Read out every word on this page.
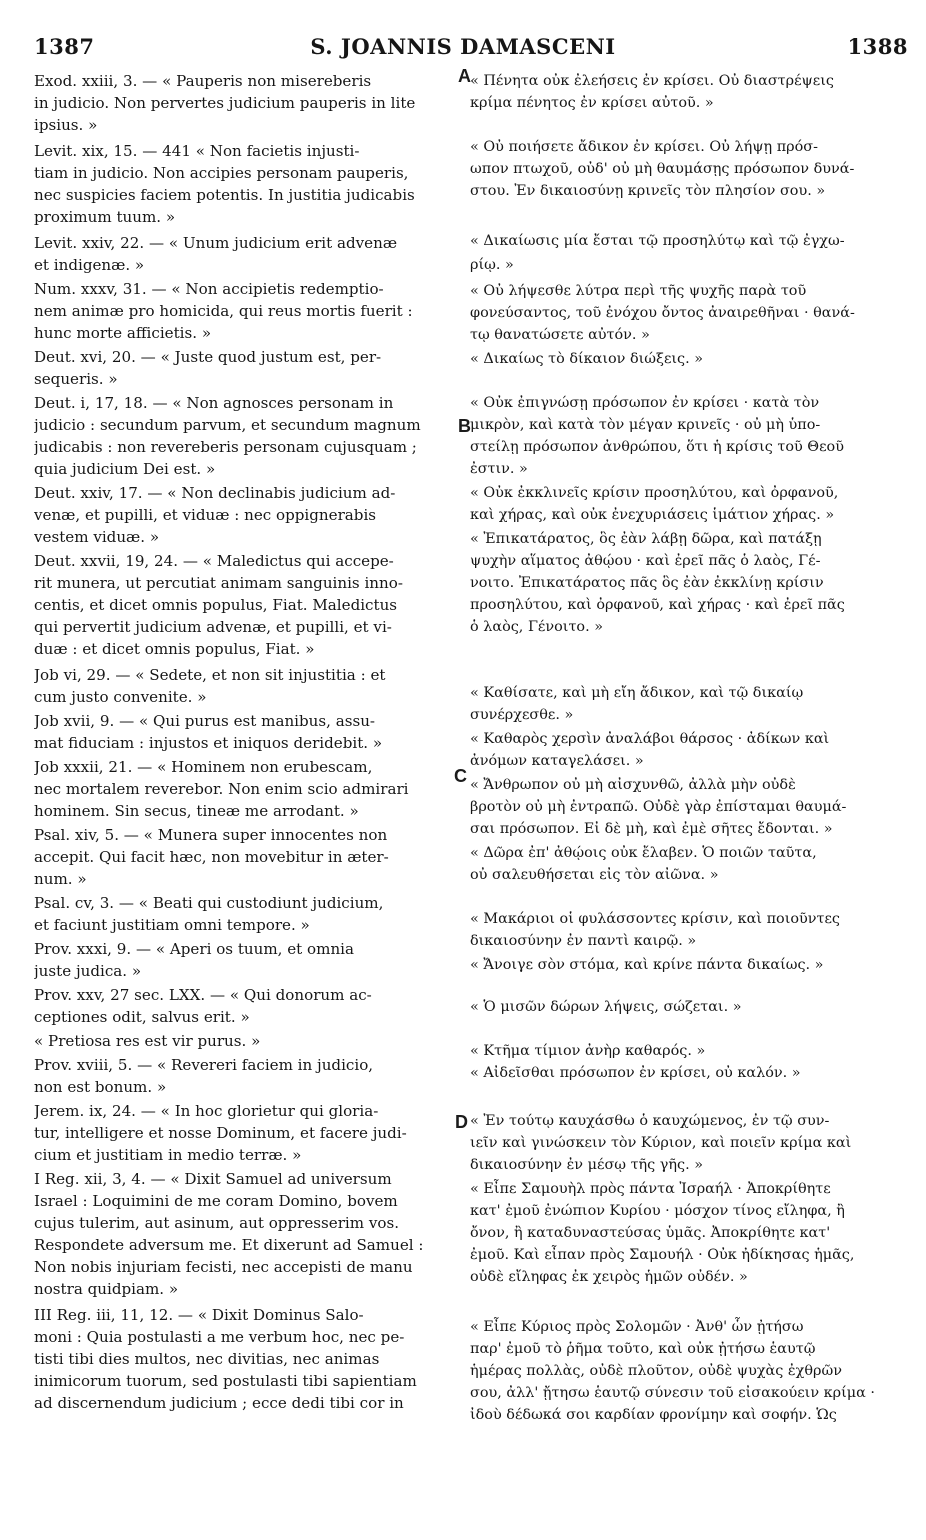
1387	S. JOANNIS DAMASCENI	1388
Exod. xxiii, 3. — « Pauperis non misereberis
in judicio. Non pervertes judicium pauperis in lite
ipsius. »
Levit. xix, 15. — 441 « Non facietis injusti-
tiam in judicio. Non accipies personam pauperis,
nec suspicies faciem potentis. In justitia judicabis
proximum tuum. »
Levit. xxiv, 22. — « Unum judicium erit advenæ
et indigenæ. »
Num. xxxv, 31. — « Non accipietis redemptio-
nem animæ pro homicida, qui reus mortis fuerit :
hunc morte afficietis. »
Deut. xvi, 20. — « Juste quod justum est, per-
sequeris. »
Deut. i, 17, 18. — « Non agnosces personam in
judicio : secundum parvum, et secundum magnum
judicabis : non revereberis personam cujusquam ;
quia judicium Dei est. »
Deut. xxiv, 17. — « Non declinabis judicium ad-
venæ, et pupilli, et viduæ : nec oppignerabis
vestem viduæ. »
Deut. xxvii, 19, 24. — « Maledictus qui accepe-
rit munera, ut percutiat animam sanguinis inno-
centis, et dicet omnis populus, Fiat. Maledictus
qui pervertit judicium advenæ, et pupilli, et vi-
duæ : et dicet omnis populus, Fiat. »
Job vi, 29. — « Sedete, et non sit injustitia : et
cum justo convenite. »
Job xvii, 9. — « Qui purus est manibus, assu-
mat fiduciam : injustos et iniquos deridebit. »
Job xxxii, 21. — « Hominem non erubescam,
nec mortalem reverebor. Non enim scio admirari
hominem. Sin secus, tineæ me arrodant. »
Psal. xiv, 5. — « Munera super innocentes non
accepit. Qui facit hæc, non movebitur in æter-
num. »
Psal. cv, 3. — « Beati qui custodiunt judicium,
et faciunt justitiam omni tempore. »
Prov. xxxi, 9. — « Aperi os tuum, et omnia
juste judica. »
Prov. xxv, 27 sec. LXX. — « Qui donorum ac-
ceptiones odit, salvus erit. »
« Pretiosa res est vir purus. »
Prov. xviii, 5. — « Revereri faciem in judicio,
non est bonum. »
Jerem. ix, 24. — « In hoc glorietur qui gloria-
tur, intelligere et nosse Dominum, et facere judi-
cium et justitiam in medio terræ. »
I Reg. xii, 3, 4. — « Dixit Samuel ad universum
Israel : Loquimini de me coram Domino, bovem
cujus tulerim, aut asinum, aut oppresserim vos.
Respondete adversum me. Et dixerunt ad Samuel :
Non nobis injuriam fecisti, nec accepisti de manu
nostra quidpiam. »
III Reg. iii, 11, 12. — « Dixit Dominus Salo-
moni : Quia postulasti a me verbum hoc, nec pe-
tisti tibi dies multos, nec divitias, nec animas
inimicorum tuorum, sed postulasti tibi sapientiam
ad discernendum judicium ; ecce dedi tibi cor in
« Πένητα οὐκ ἐλεήσεις ἐν κρίσει. Οὐ διαστρέψεις
κρίμα πένητος ἐν κρίσει αὐτοῦ. »
« Οὐ ποιήσετε ἄδικον ἐν κρίσει. Οὐ λήψῃ πρόσ-
ωπον πτωχοῦ, οὐδ' οὐ μὴ θαυμάσῃς πρόσωπον δυνά-
στου. Ἐν δικαιοσύνῃ κρινεῖς τὸν πλησίον σου. »
« Δικαίωσις μία ἔσται τῷ προσηλύτῳ καὶ τῷ ἐγχω-
ρίῳ. »
« Οὐ λήψεσθε λύτρα περὶ τῆς ψυχῆς παρὰ τοῦ
φονεύσαντος, τοῦ ἐνόχου ὄντος ἀναιρεθῆναι · θανά-
τῳ θανατώσετε αὐτόν. »
« Δικαίως τὸ δίκαιον διώξεις. »
« Οὐκ ἐπιγνώσῃ πρόσωπον ἐν κρίσει · κατὰ τὸν
μικρὸν, καὶ κατὰ τὸν μέγαν κρινεῖς · οὐ μὴ ὑπο-
στείλῃ πρόσωπον ἀνθρώπου, ὅτι ἡ κρίσις τοῦ Θεοῦ
ἐστιν. »
« Οὐκ ἐκκλινεῖς κρίσιν προσηλύτου, καὶ ὀρφανοῦ,
καὶ χήρας, καὶ οὐκ ἐνεχυριάσεις ἱμάτιον χήρας. »
« Ἐπικατάρατος, ὃς ἐὰν λάβῃ δῶρα, καὶ πατάξῃ
ψυχὴν αἵματος ἀθῴου · καὶ ἐρεῖ πᾶς ὁ λαὸς, Γέ-
νοιτο. Ἐπικατάρατος πᾶς ὃς ἐὰν ἐκκλίνῃ κρίσιν
προσηλύτου, καὶ ὀρφανοῦ, καὶ χήρας · καὶ ἐρεῖ πᾶς
ὁ λαὸς, Γένοιτο. »
« Καθίσατε, καὶ μὴ εἴη ἄδικον, καὶ τῷ δικαίῳ
συνέρχεσθε. »
« Καθαρὸς χερσὶν ἀναλάβοι θάρσος · ἀδίκων καὶ
ἀνόμων καταγελάσει. »
« Ἄνθρωπον οὐ μὴ αἰσχυνθῶ, ἀλλὰ μὴν οὐδὲ
βροτὸν οὐ μὴ ἐντραπῶ. Οὐδὲ γὰρ ἐπίσταμαι θαυμά-
σαι πρόσωπον. Εἰ δὲ μὴ, καὶ ἐμὲ σῆτες ἔδονται. »
« Δῶρα ἐπ' ἀθῴοις οὐκ ἔλαβεν. Ὁ ποιῶν ταῦτα,
οὐ σαλευθήσεται εἰς τὸν αἰῶνα. »
« Μακάριοι οἱ φυλάσσοντες κρίσιν, καὶ ποιοῦντες
δικαιοσύνην ἐν παντὶ καιρῷ. »
« Ἄνοιγε σὸν στόμα, καὶ κρίνε πάντα δικαίως. »
« Ὁ μισῶν δώρων λήψεις, σώζεται. »
« Κτῆμα τίμιον ἀνὴρ καθαρός. »
« Αἰδεῖσθαι πρόσωπον ἐν κρίσει, οὐ καλόν. »
« Ἐν τούτῳ καυχάσθω ὁ καυχώμενος, ἐν τῷ συν-
ιεῖν καὶ γινώσκειν τὸν Κύριον, καὶ ποιεῖν κρίμα καὶ
δικαιοσύνην ἐν μέσῳ τῆς γῆς. »
« Εἶπε Σαμουὴλ πρὸς πάντα Ἰσραήλ · Ἀποκρίθητε
κατ' ἐμοῦ ἐνώπιον Κυρίου · μόσχον τίνος εἴληφα, ἢ
ὄνον, ἢ καταδυναστεύσας ὑμᾶς. Ἀποκρίθητε κατ'
ἐμοῦ. Καὶ εἶπαν πρὸς Σαμουήλ · Οὐκ ἠδίκησας ἡμᾶς,
οὐδὲ εἴληφας ἐκ χειρὸς ἡμῶν οὐδέν. »
« Εἶπε Κύριος πρὸς Σολομῶν · Ἀνθ' ὧν ᾐτήσω
παρ' ἐμοῦ τὸ ῥῆμα τοῦτο, καὶ οὐκ ᾐτήσω ἑαυτῷ
ἡμέρας πολλὰς, οὐδὲ πλοῦτον, οὐδὲ ψυχὰς ἐχθρῶν
σου, ἀλλ' ᾔτησω ἑαυτῷ σύνεσιν τοῦ εἰσακούειν κρίμα ·
ἰδοὺ δέδωκά σοι καρδίαν φρονίμην καὶ σοφήν. Ὡς
A
B
C
D
